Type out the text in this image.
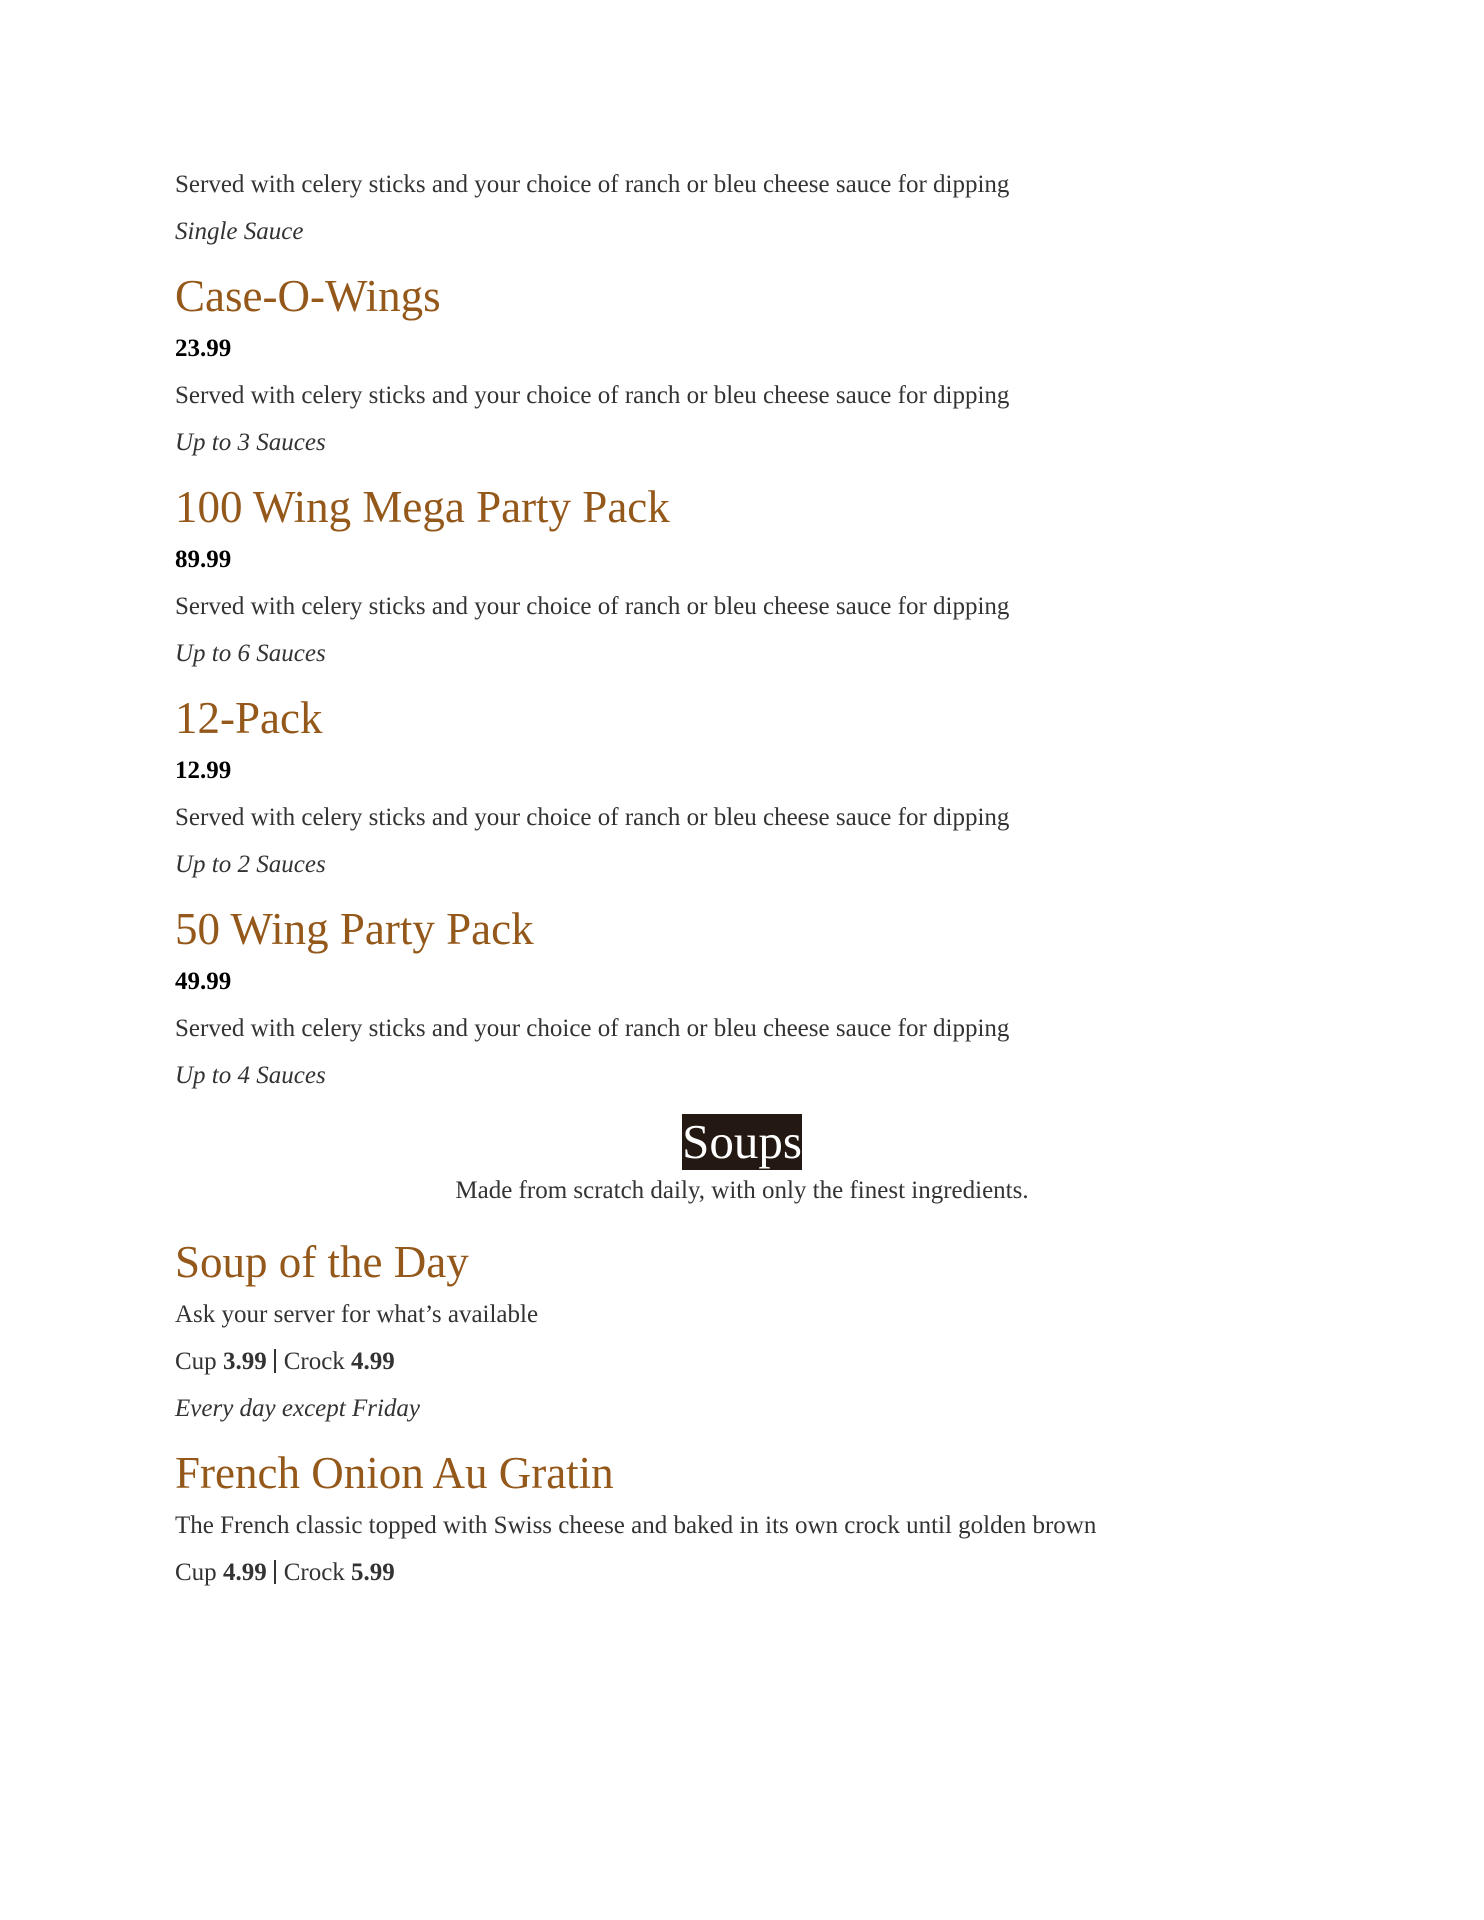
Served with celery sticks and your choice of ranch or bleu cheese sauce for dipping

Single Sauce

Case-O-Wings
23.99

Served with celery sticks and your choice of ranch or bleu cheese sauce for dipping

Up to 3 Sauces

100 Wing Mega Party Pack
89.99

Served with celery sticks and your choice of ranch or bleu cheese sauce for dipping

Up to 6 Sauces

12-Pack
12.99

Served with celery sticks and your choice of ranch or bleu cheese sauce for dipping

Up to 2 Sauces

50 Wing Party Pack
49.99

Served with celery sticks and your choice of ranch or bleu cheese sauce for dipping

Up to 4 Sauces

Soups
Made from scratch daily, with only the finest ingredients.
Soup of the Day

Ask your server for what’s available

Cup 3.99 Crock 4.99

Every day except Friday

French Onion Au Gratin

The French classic topped with Swiss cheese and baked in its own crock until golden brown

Cup 4.99 Crock 5.99
